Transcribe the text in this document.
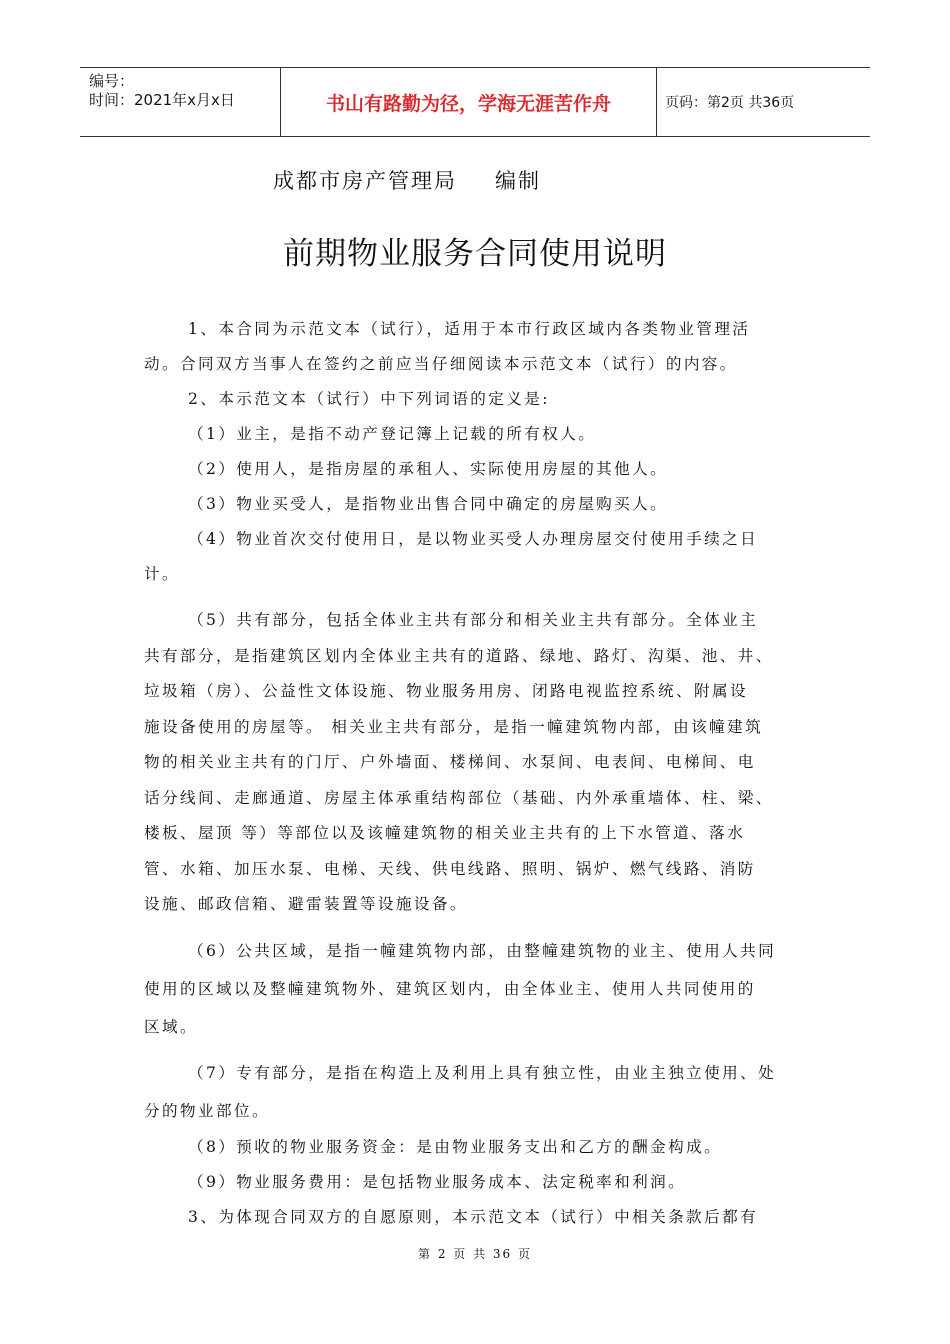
编号：
时间：2021年x月x日	书山有路勤为径，学海无涯苦作舟	页码：第2页 共36页
成都市房产管理局 编制
前期物业服务合同使用说明
1、本合同为示范文本（试行），适用于本市行政区域内各类物业管理活
动。合同双方当事人在签约之前应当仔细阅读本示范文本（试行）的内容。
2、本示范文本（试行）中下列词语的定义是:
（1）业主，是指不动产登记簿上记载的所有权人。
（2）使用人，是指房屋的承租人、实际使用房屋的其他人。
（3）物业买受人，是指物业出售合同中确定的房屋购买人。
（4）物业首次交付使用日，是以物业买受人办理房屋交付使用手续之日
计。
（5）共有部分，包括全体业主共有部分和相关业主共有部分。全体业主
共有部分，是指建筑区划内全体业主共有的道路、绿地、路灯、沟渠、池、井、
垃圾箱（房）、公益性文体设施、物业服务用房、闭路电视监控系统、附属设
施设备使用的房屋等。 相关业主共有部分，是指一幢建筑物内部，由该幢建筑
物的相关业主共有的门厅、户外墙面、楼梯间、水泵间、电表间、电梯间、电
话分线间、走廊通道、房屋主体承重结构部位（基础、内外承重墙体、柱、梁、
楼板、屋顶 等）等部位以及该幢建筑物的相关业主共有的上下水管道、落水
管、水箱、加压水泵、电梯、天线、供电线路、照明、锅炉、燃气线路、消防
设施、邮政信箱、避雷装置等设施设备。
（6）公共区域，是指一幢建筑物内部，由整幢建筑物的业主、使用人共同
使用的区域以及整幢建筑物外、建筑区划内，由全体业主、使用人共同使用的
区域。
（7）专有部分，是指在构造上及利用上具有独立性，由业主独立使用、处
分的物业部位。
（8）预收的物业服务资金：是由物业服务支出和乙方的酬金构成。
（9）物业服务费用：是包括物业服务成本、法定税率和利润。
3、为体现合同双方的自愿原则，本示范文本（试行）中相关条款后都有
第 2 页 共 36 页
